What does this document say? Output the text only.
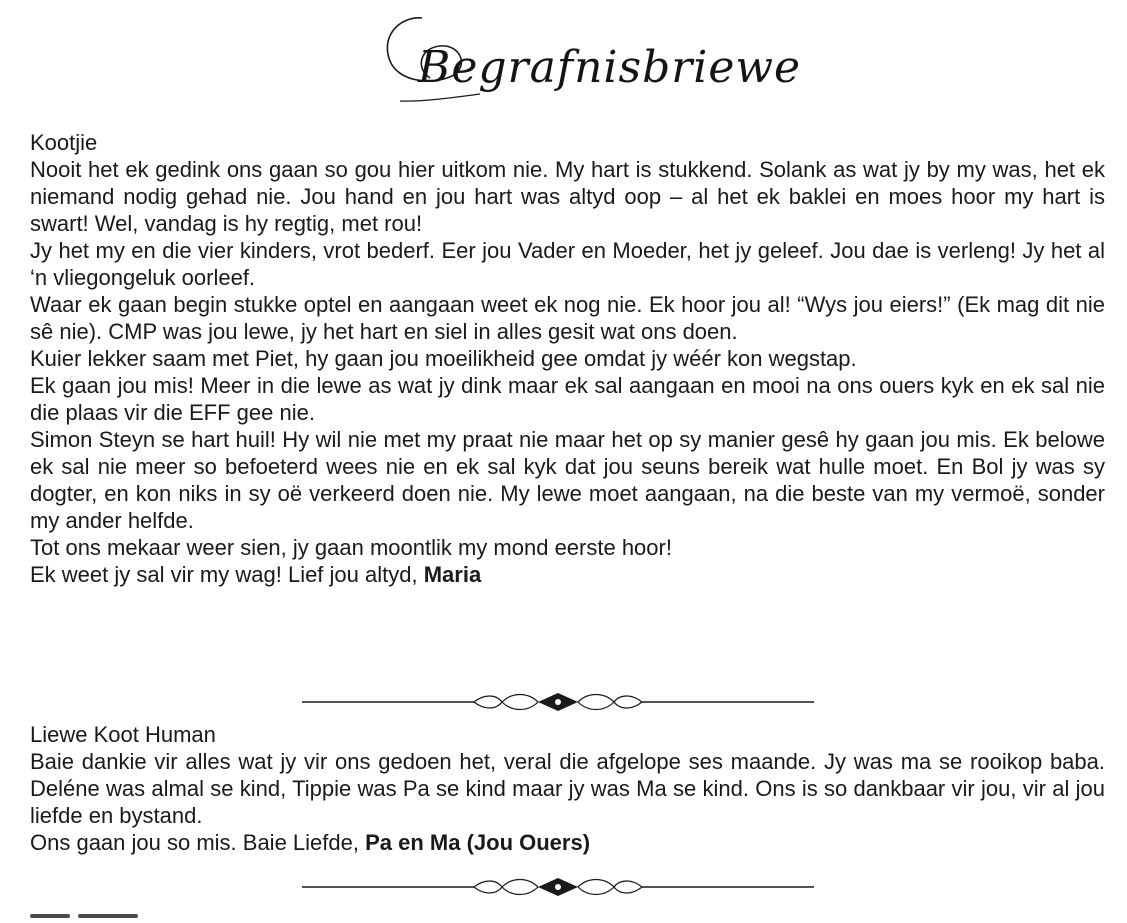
Begrafnisbriewe

Kootjie

Nooit het ek gedink ons gaan so gou hier uitkom nie. My hart is stukkend. Solank as wat jy by my was, het ek niemand nodig gehad nie. Jou hand en jou hart was altyd oop – al het ek baklei en moes hoor my hart is swart! Wel, vandag is hy regtig, met rou!

Jy het my en die vier kinders, vrot bederf. Eer jou Vader en Moeder, het jy geleef. Jou dae is verleng! Jy het al ‘n vliegongeluk oorleef.

Waar ek gaan begin stukke optel en aangaan weet ek nog nie. Ek hoor jou al! “Wys jou eiers!” (Ek mag dit nie sê nie). CMP was jou lewe, jy het hart en siel in alles gesit wat ons doen.

Kuier lekker saam met Piet, hy gaan jou moeilikheid gee omdat jy wéér kon wegstap.

Ek gaan jou mis! Meer in die lewe as wat jy dink maar ek sal aangaan en mooi na ons ouers kyk en ek sal nie die plaas vir die EFF gee nie.

Simon Steyn se hart huil! Hy wil nie met my praat nie maar het op sy manier gesê hy gaan jou mis. Ek belowe ek sal nie meer so befoeterd wees nie en ek sal kyk dat jou seuns bereik wat hulle moet. En Bol jy was sy dogter, en kon niks in sy oë verkeerd doen nie. My lewe moet aangaan, na die beste van my vermoë, sonder my ander helfde.

Tot ons mekaar weer sien, jy gaan moontlik my mond eerste hoor!

Ek weet jy sal vir my wag! Lief jou altyd, Maria

Liewe Koot Human

Baie dankie vir alles wat jy vir ons gedoen het, veral die afgelope ses maande. Jy was ma se rooikop baba. Deléne was almal se kind, Tippie was Pa se kind maar jy was Ma se kind. Ons is so dankbaar vir jou, vir al jou liefde en bystand.

Ons gaan jou so mis. Baie Liefde, Pa en Ma (Jou Ouers)
